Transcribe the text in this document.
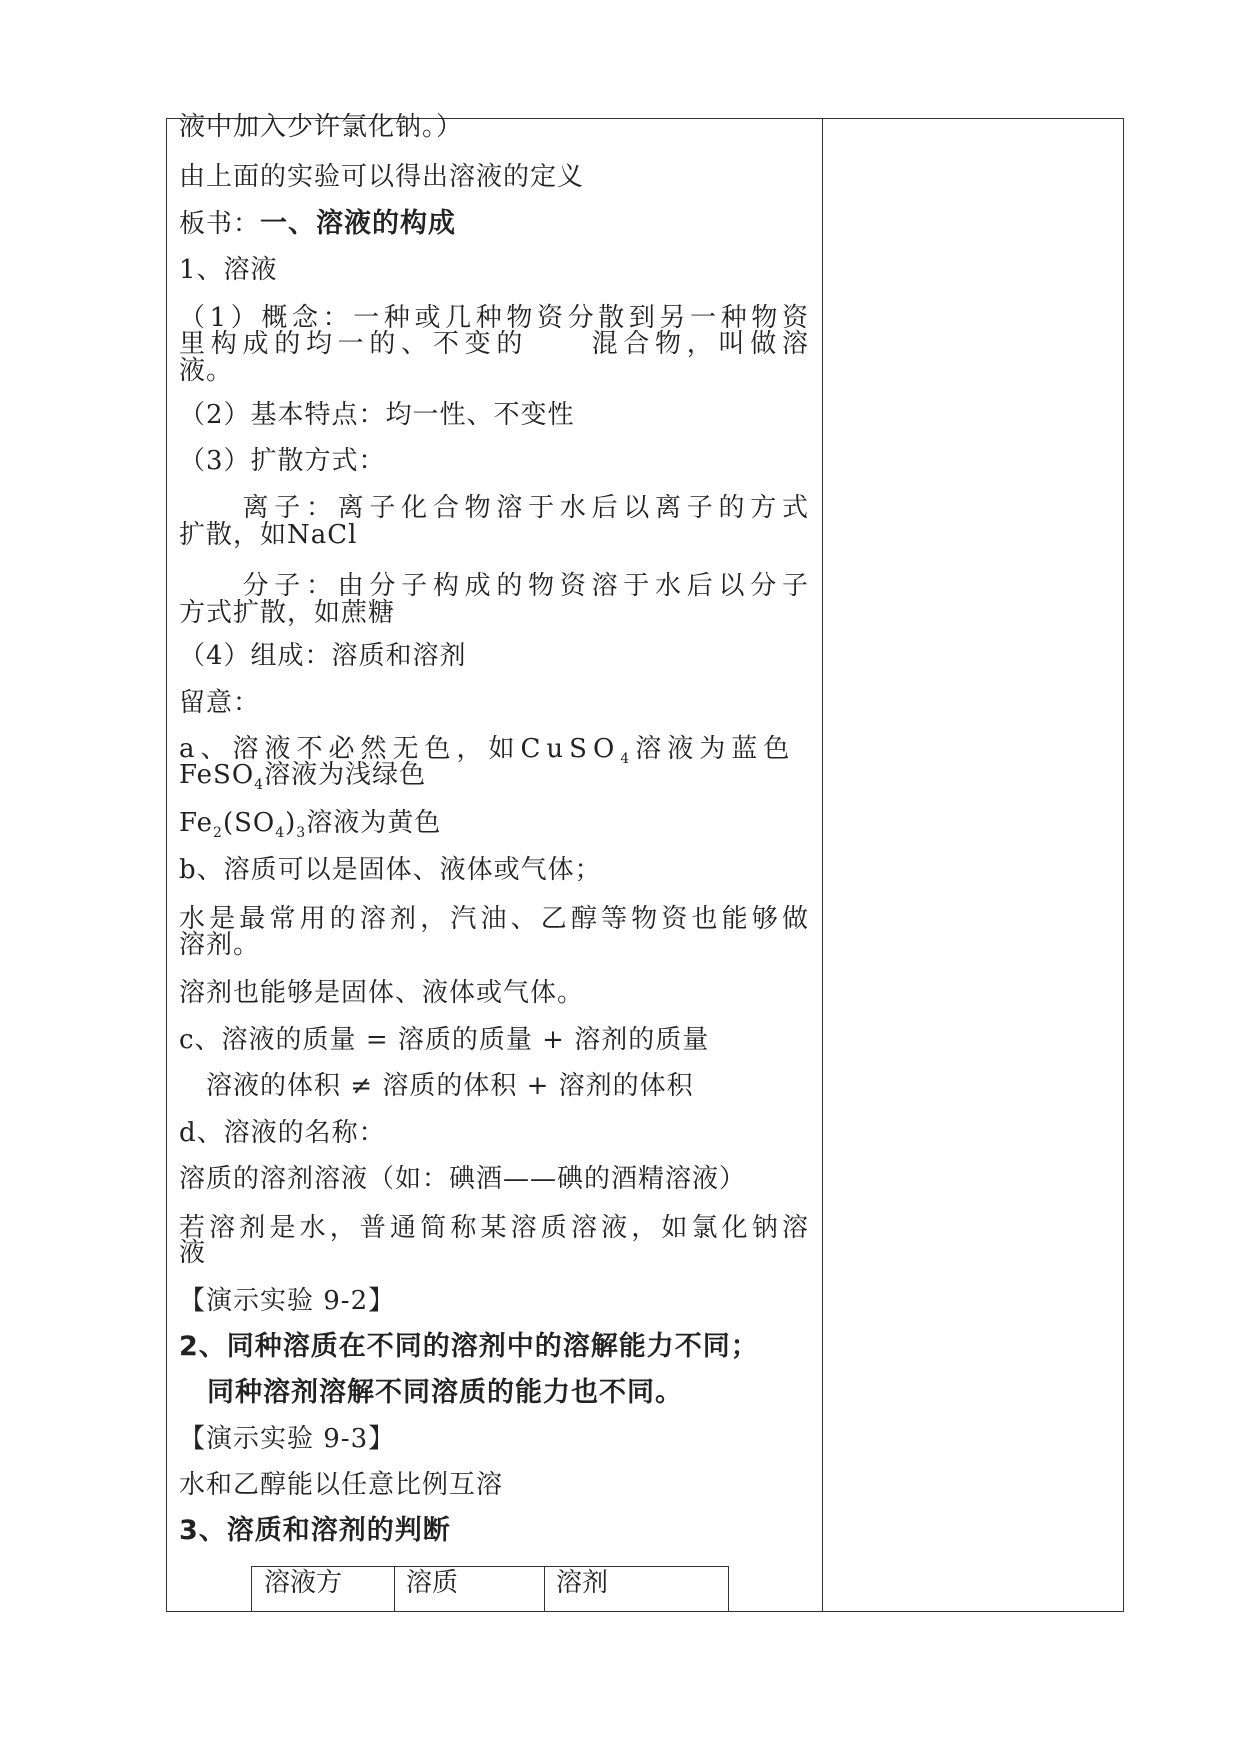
液中加入少许氯化钠。）
由上面的实验可以得出溶液的定义
板书：一、溶液的构成
1、溶液
（1）概念：一种或几种物资分散到另一种物资
里构成的均一的、不变的　　混合物，叫做溶
液。
（2）基本特点：均一性、不变性
（3）扩散方式：
　　离子：离子化合物溶于水后以离子的方式
扩散，如NaCl
　　分子：由分子构成的物资溶于水后以分子
方式扩散，如蔗糖
（4）组成：溶质和溶剂
留意：
a、溶液不必然无色，如CuSO$_4$溶液为蓝色
FeSO$_4$溶液为浅绿色
$Fe_2(SO_4)_3$溶液为黄色
b、溶质可以是固体、液体或气体；
水是最常用的溶剂，汽油、乙醇等物资也能够做
溶剂。
溶剂也能够是固体、液体或气体。
c、溶液的质量 = 溶质的质量 + 溶剂的质量
　溶液的体积 ≠ 溶质的体积 + 溶剂的体积
d、溶液的名称：
溶质的溶剂溶液（如：碘酒——碘的酒精溶液）
若溶剂是水，普通简称某溶质溶液，如氯化钠溶
液
【演示实验 9-2】
2、同种溶质在不同的溶剂中的溶解能力不同；
　同种溶剂溶解不同溶质的能力也不同。
【演示实验 9-3】
水和乙醇能以任意比例互溶
3、溶质和溶剂的判断
溶液方 溶质	溶剂
